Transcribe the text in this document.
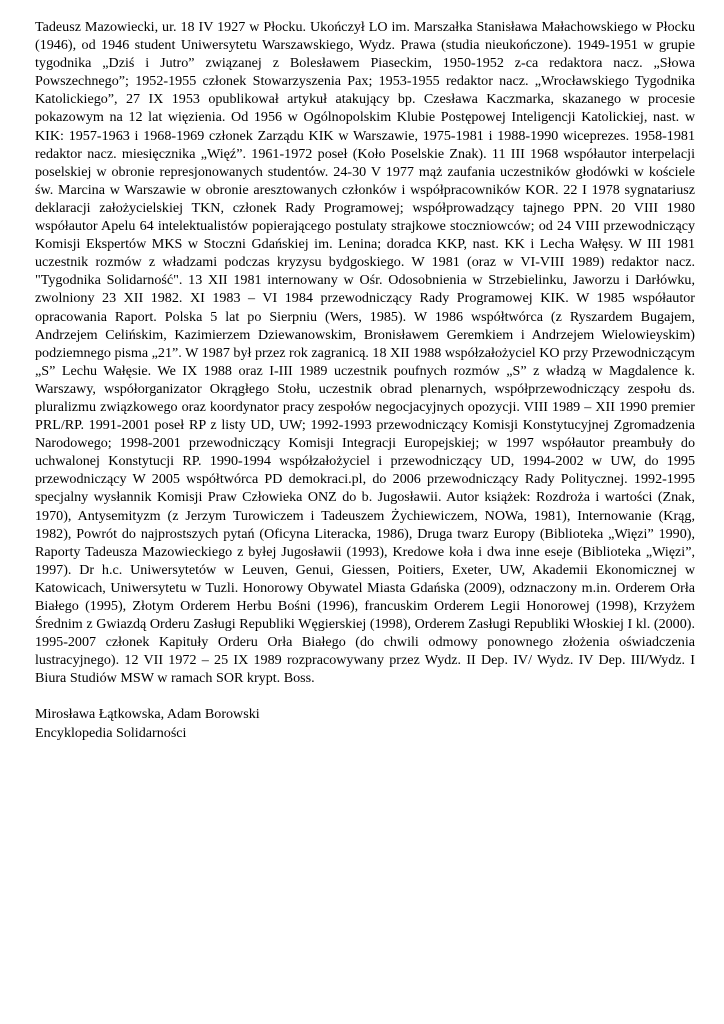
Tadeusz Mazowiecki, ur. 18 IV 1927 w Płocku. Ukończył LO im. Marszałka Stanisława Małachowskiego w Płocku (1946), od 1946 student Uniwersytetu Warszawskiego, Wydz. Prawa (studia nieukończone). 1949-1951 w grupie tygodnika „Dziś i Jutro” związanej z Bolesławem Piaseckim, 1950-1952 z-ca redaktora nacz. „Słowa Powszechnego”; 1952-1955 członek Stowarzyszenia Pax; 1953-1955 redaktor nacz. „Wrocławskiego Tygodnika Katolickiego”, 27 IX 1953 opublikował artykuł atakujący bp. Czesława Kaczmarka, skazanego w procesie pokazowym na 12 lat więzienia. Od 1956 w Ogólnopolskim Klubie Postępowej Inteligencji Katolickiej, nast. w KIK: 1957-1963 i 1968-1969 członek Zarządu KIK w Warszawie, 1975-1981 i 1988-1990 wiceprezes. 1958-1981 redaktor nacz. miesięcznika „Więź”. 1961-1972 poseł (Koło Poselskie Znak). 11 III 1968 współautor interpelacji poselskiej w obronie represjonowanych studentów. 24-30 V 1977 mąż zaufania uczestników głodówki w kościele św. Marcina w Warszawie w obronie aresztowanych członków i współpracowników KOR. 22 I 1978 sygnatariusz deklaracji założycielskiej TKN, członek Rady Programowej; współprowadzący tajnego PPN. 20 VIII 1980 współautor Apelu 64 intelektualistów popierającego postulaty strajkowe stoczniowców; od 24 VIII przewodniczący Komisji Ekspertów MKS w Stoczni Gdańskiej im. Lenina; doradca KKP, nast. KK i Lecha Wałęsy. W III 1981 uczestnik rozmów z władzami podczas kryzysu bydgoskiego. W 1981 (oraz w VI-VIII 1989) redaktor nacz. "Tygodnika Solidarność". 13 XII 1981 internowany w Ośr. Odosobnienia w Strzebielinku, Jaworzu i Darłówku, zwolniony 23 XII 1982. XI 1983 – VI 1984 przewodniczący Rady Programowej KIK. W 1985 współautor opracowania Raport. Polska 5 lat po Sierpniu (Wers, 1985). W 1986 współtwórca (z Ryszardem Bugajem, Andrzejem Celińskim, Kazimierzem Dziewanowskim, Bronisławem Geremkiem i Andrzejem Wielowieyskim) podziemnego pisma „21”. W 1987 był przez rok zagranicą. 18 XII 1988 współzałożyciel KO przy Przewodniczącym „S” Lechu Wałęsie. We IX 1988 oraz I-III 1989 uczestnik poufnych rozmów „S” z władzą w Magdalence k. Warszawy, współorganizator Okrągłego Stołu, uczestnik obrad plenarnych, współprzewodniczący zespołu ds. pluralizmu związkowego oraz koordynator pracy zespołów negocjacyjnych opozycji. VIII 1989 – XII 1990 premier PRL/RP. 1991-2001 poseł RP z listy UD, UW; 1992-1993 przewodniczący Komisji Konstytucyjnej Zgromadzenia Narodowego; 1998-2001 przewodniczący Komisji Integracji Europejskiej; w 1997 współautor preambuły do uchwalonej Konstytucji RP. 1990-1994 współzałożyciel i przewodniczący UD, 1994-2002 w UW, do 1995 przewodniczący W 2005 współtwórca PD demokraci.pl, do 2006 przewodniczący Rady Politycznej. 1992-1995 specjalny wysłannik Komisji Praw Człowieka ONZ do b. Jugosławii. Autor książek: Rozdroża i wartości (Znak, 1970), Antysemityzm (z Jerzym Turowiczem i Tadeuszem Żychiewiczem, NOWa, 1981), Internowanie (Krąg, 1982), Powrót do najprostszych pytań (Oficyna Literacka, 1986), Druga twarz Europy (Biblioteka „Więzi” 1990), Raporty Tadeusza Mazowieckiego z byłej Jugosławii (1993), Kredowe koła i dwa inne eseje (Biblioteka „Więzi”, 1997). Dr h.c. Uniwersytetów w Leuven, Genui, Giessen, Poitiers, Exeter, UW, Akademii Ekonomicznej w Katowicach, Uniwersytetu w Tuzli. Honorowy Obywatel Miasta Gdańska (2009), odznaczony m.in. Orderem Orła Białego (1995), Złotym Orderem Herbu Bośni (1996), francuskim Orderem Legii Honorowej (1998), Krzyżem Średnim z Gwiazdą Orderu Zasługi Republiki Węgierskiej (1998), Orderem Zasługi Republiki Włoskiej I kl. (2000). 1995-2007 członek Kapituły Orderu Orła Białego (do chwili odmowy ponownego złożenia oświadczenia lustracyjnego). 12 VII 1972 – 25 IX 1989 rozpracowywany przez Wydz. II Dep. IV/ Wydz. IV Dep. III/Wydz. I Biura Studiów MSW w ramach SOR krypt. Boss.

Mirosława Łątkowska, Adam Borowski
Encyklopedia Solidarności
